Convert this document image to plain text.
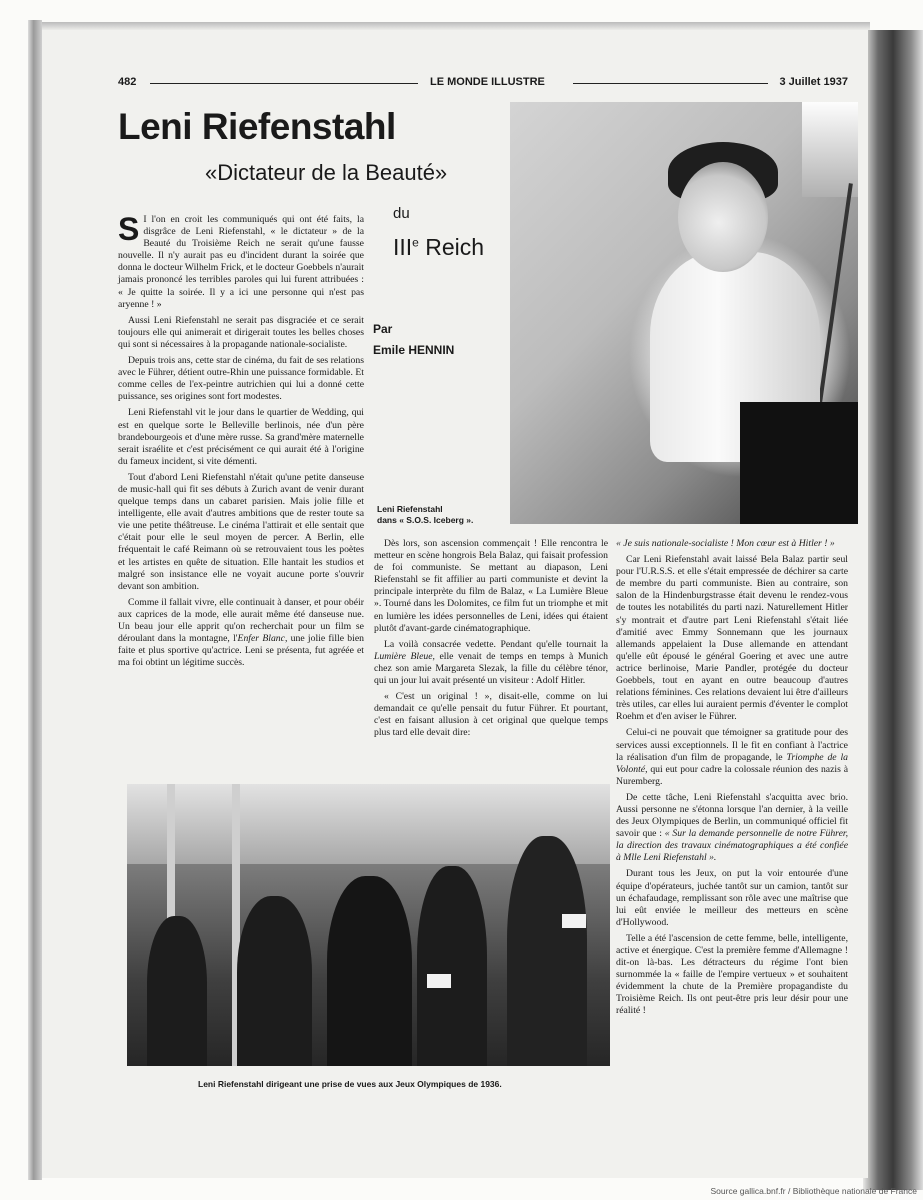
482	LE MONDE ILLUSTRE	3 Juillet 1937
Leni Riefenstahl
«Dictateur de la Beauté»
du
IIIe Reich
Par
Emile HENNIN
Leni Riefenstahl
dans « S.O.S. Iceberg ».

S I l'on en croit les communiqués qui ont été faits, la disgrâce de Leni Riefenstahl, « le dictateur » de la Beauté du Troisième Reich ne serait qu'une fausse nouvelle. Il n'y aurait pas eu d'incident durant la soirée que donna le docteur Wilhelm Frick, et le docteur Goebbels n'aurait jamais prononcé les terribles paroles qui lui furent attribuées : « Je quitte la soirée. Il y a ici une personne qui n'est pas aryenne ! »

Aussi Leni Riefenstahl ne serait pas disgraciée et ce serait toujours elle qui animerait et dirigerait toutes les belles choses qui sont si nécessaires à la propagande nationale-socialiste.

Depuis trois ans, cette star de cinéma, du fait de ses relations avec le Führer, détient outre-Rhin une puissance formidable. Et comme celles de l'ex-peintre autrichien qui lui a donné cette puissance, ses origines sont fort modestes.

Leni Riefenstahl vit le jour dans le quartier de Wedding, qui est en quelque sorte le Belleville berlinois, née d'un père brandebourgeois et d'une mère russe. Sa grand'mère maternelle serait israélite et c'est précisément ce qui aurait été à l'origine du fameux incident, si vite démenti.

Tout d'abord Leni Riefenstahl n'était qu'une petite danseuse de music-hall qui fit ses débuts à Zurich avant de venir durant quelque temps dans un cabaret parisien. Mais jolie fille et intelligente, elle avait d'autres ambitions que de rester toute sa vie une petite théâtreuse. Le cinéma l'attirait et elle sentait que c'était pour elle le seul moyen de percer. A Berlin, elle fréquentait le café Reimann où se retrouvaient tous les poètes et les artistes en quête de situation. Elle hantait les studios et malgré son insistance elle ne voyait aucune porte s'ouvrir devant son ambition.

Comme il fallait vivre, elle continuait à danser, et pour obéir aux caprices de la mode, elle aurait même été danseuse nue. Un beau jour elle apprit qu'on recherchait pour un film se déroulant dans la montagne, l'Enfer Blanc, une jolie fille bien faite et plus sportive qu'actrice. Leni se présenta, fut agréée et ma foi obtint un légitime succès.

Dès lors, son ascension commençait ! Elle rencontra le metteur en scène hongrois Bela Balaz, qui faisait profession de foi communiste. Se mettant au diapason, Leni Riefenstahl se fit affilier au parti communiste et devint la principale interprète du film de Balaz, « La Lumière Bleue ». Tourné dans les Dolomites, ce film fut un triomphe et mit en lumière les idées personnelles de Leni, idées qui étaient plutôt d'avant-garde cinématographique.

La voilà consacrée vedette. Pendant qu'elle tournait la Lumière Bleue, elle venait de temps en temps à Munich chez son amie Margareta Slezak, la fille du célèbre ténor, qui un jour lui avait présenté un visiteur : Adolf Hitler.

« C'est un original ! », disait-elle, comme on lui demandait ce qu'elle pensait du futur Führer. Et pourtant, c'est en faisant allusion à cet original que quelque temps plus tard elle devait dire:

« Je suis nationale-socialiste ! Mon cœur est à Hitler ! »

Car Leni Riefenstahl avait laissé Bela Balaz partir seul pour l'U.R.S.S. et elle s'était empressée de déchirer sa carte de membre du parti communiste. Bien au contraire, son salon de la Hindenburgstrasse était devenu le rendez-vous de toutes les notabilités du parti nazi. Naturellement Hitler s'y montrait et d'autre part Leni Riefenstahl s'était liée d'amitié avec Emmy Sonnemann que les journaux allemands appelaient la Duse allemande en attendant qu'elle eût épousé le général Goering et avec une autre actrice berlinoise, Marie Pandler, protégée du docteur Goebbels, tout en ayant en outre beaucoup d'autres relations féminines. Ces relations devaient lui être d'ailleurs très utiles, car elles lui auraient permis d'éventer le complot Roehm et d'en aviser le Führer.

Celui-ci ne pouvait que témoigner sa gratitude pour des services aussi exceptionnels. Il le fit en confiant à l'actrice la réalisation d'un film de propagande, le Triomphe de la Volonté, qui eut pour cadre la colossale réunion des nazis à Nuremberg.

De cette tâche, Leni Riefenstahl s'acquitta avec brio. Aussi personne ne s'étonna lorsque l'an dernier, à la veille des Jeux Olympiques de Berlin, un communiqué officiel fit savoir que : « Sur la demande personnelle de notre Führer, la direction des travaux cinématographiques a été confiée à Mlle Leni Riefenstahl ».

Durant tous les Jeux, on put la voir entourée d'une équipe d'opérateurs, juchée tantôt sur un camion, tantôt sur un échafaudage, remplissant son rôle avec une maîtrise que lui eût enviée le meilleur des metteurs en scène d'Hollywood.

Telle a été l'ascension de cette femme, belle, intelligente, active et énergique. C'est la première femme d'Allemagne ! dit-on là-bas. Les détracteurs du régime l'ont bien surnommée la « faille de l'empire vertueux » et souhaitent évidemment la chute de la Première propagandiste du Troisième Reich. Ils ont peut-être pris leur désir pour une réalité !

Leni Riefenstahl dirigeant une prise de vues aux Jeux Olympiques de 1936.
Source gallica.bnf.fr / Bibliothèque nationale de France
